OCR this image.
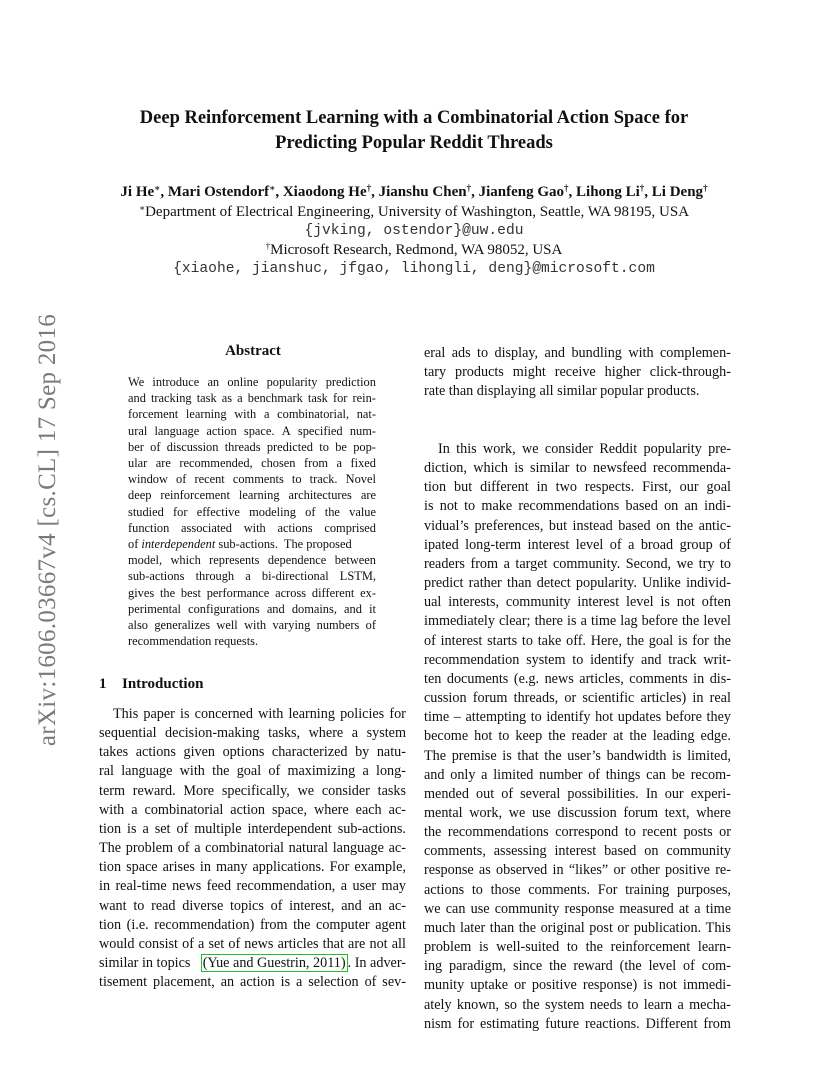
arXiv:1606.03667v4 [cs.CL] 17 Sep 2016
Deep Reinforcement Learning with a Combinatorial Action Space for
Predicting Popular Reddit Threads
Ji He∗, Mari Ostendorf∗, Xiaodong He†, Jianshu Chen†, Jianfeng Gao†, Lihong Li†, Li Deng†
∗Department of Electrical Engineering, University of Washington, Seattle, WA 98195, USA
{jvking, ostendor}@uw.edu
†Microsoft Research, Redmond, WA 98052, USA
{xiaohe, jianshuc, jfgao, lihongli, deng}@microsoft.com
Abstract
We introduce an online popularity prediction
and tracking task as a benchmark task for rein-
forcement learning with a combinatorial, nat-
ural language action space. A specified num-
ber of discussion threads predicted to be pop-
ular are recommended, chosen from a fixed
window of recent comments to track. Novel
deep reinforcement learning architectures are
studied for effective modeling of the value
function associated with actions comprised
of interdependent sub-actions.  The proposed
model, which represents dependence between
sub-actions through a bi-directional LSTM,
gives the best performance across different ex-
perimental configurations and domains, and it
also generalizes well with varying numbers of
recommendation requests.
1 Introduction
This paper is concerned with learning policies for
sequential decision-making tasks, where a system
takes actions given options characterized by natu-
ral language with the goal of maximizing a long-
term reward. More specifically, we consider tasks
with a combinatorial action space, where each ac-
tion is a set of multiple interdependent sub-actions.
The problem of a combinatorial natural language ac-
tion space arises in many applications. For example,
in real-time news feed recommendation, a user may
want to read diverse topics of interest, and an ac-
tion (i.e. recommendation) from the computer agent
would consist of a set of news articles that are not all
similar in topics (Yue and Guestrin, 2011) . In adver-
tisement placement, an action is a selection of sev-
eral ads to display, and bundling with complemen-
tary products might receive higher click-through-
rate than displaying all similar popular products.
In this work, we consider Reddit popularity pre-
diction, which is similar to newsfeed recommenda-
tion but different in two respects. First, our goal
is not to make recommendations based on an indi-
vidual’s preferences, but instead based on the antic-
ipated long-term interest level of a broad group of
readers from a target community. Second, we try to
predict rather than detect popularity. Unlike individ-
ual interests, community interest level is not often
immediately clear; there is a time lag before the level
of interest starts to take off. Here, the goal is for the
recommendation system to identify and track writ-
ten documents (e.g. news articles, comments in dis-
cussion forum threads, or scientific articles) in real
time – attempting to identify hot updates before they
become hot to keep the reader at the leading edge.
The premise is that the user’s bandwidth is limited,
and only a limited number of things can be recom-
mended out of several possibilities. In our experi-
mental work, we use discussion forum text, where
the recommendations correspond to recent posts or
comments, assessing interest based on community
response as observed in “likes” or other positive re-
actions to those comments. For training purposes,
we can use community response measured at a time
much later than the original post or publication. This
problem is well-suited to the reinforcement learn-
ing paradigm, since the reward (the level of com-
munity uptake or positive response) is not immedi-
ately known, so the system needs to learn a mecha-
nism for estimating future reactions. Different from
